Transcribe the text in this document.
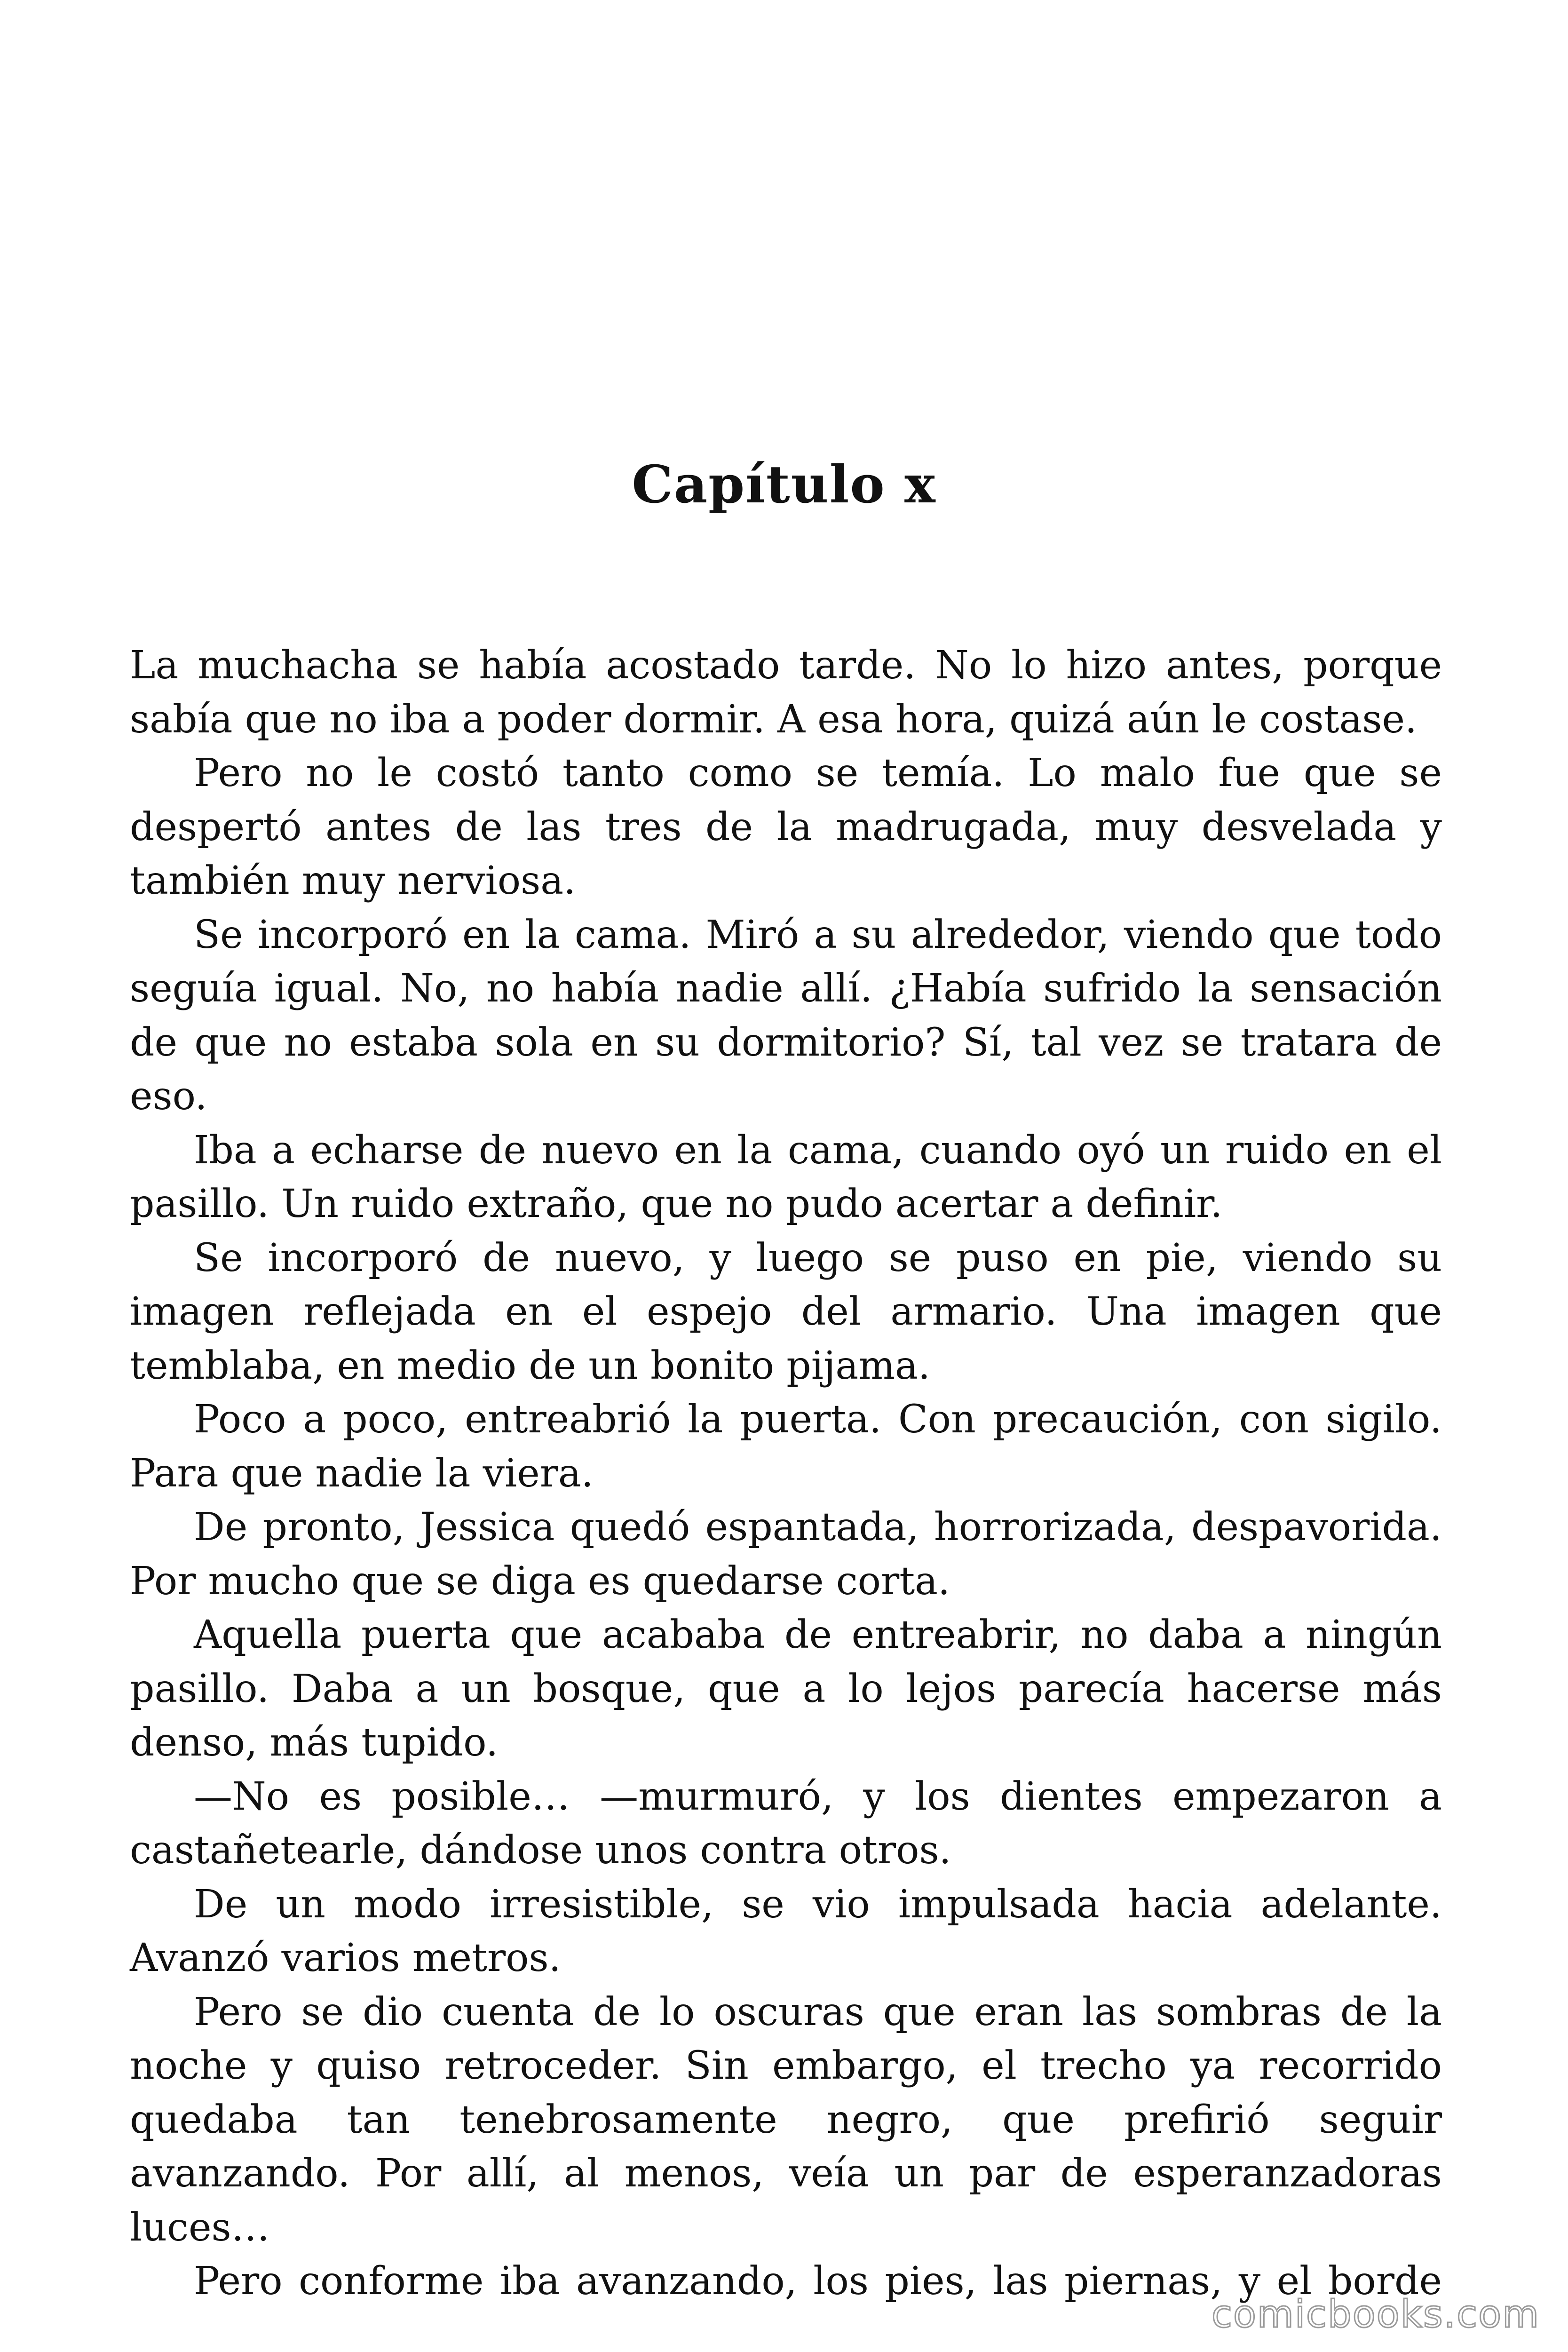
Capítulo x

La muchacha se había acostado tarde. No lo hizo antes, porque sabía que no iba a poder dormir. A esa hora, quizá aún le costase.

Pero no le costó tanto como se temía. Lo malo fue que se despertó antes de las tres de la madrugada, muy desvelada y también muy nerviosa.

Se incorporó en la cama. Miró a su alrededor, viendo que todo seguía igual. No, no había nadie allí. ¿Había sufrido la sensación de que no estaba sola en su dormitorio? Sí, tal vez se tratara de eso.

Iba a echarse de nuevo en la cama, cuando oyó un ruido en el pasillo. Un ruido extraño, que no pudo acertar a definir.

Se incorporó de nuevo, y luego se puso en pie, viendo su imagen reflejada en el espejo del armario. Una imagen que temblaba, en medio de un bonito pijama.

Poco a poco, entreabrió la puerta. Con precaución, con sigilo. Para que nadie la viera.

De pronto, Jessica quedó espantada, horrorizada, despavorida. Por mucho que se diga es quedarse corta.

Aquella puerta que acababa de entreabrir, no daba a ningún pasillo. Daba a un bosque, que a lo lejos parecía hacerse más denso, más tupido.

—No es posible… —murmuró, y los dientes empezaron a castañetearle, dándose unos contra otros.

De un modo irresistible, se vio impulsada hacia adelante. Avanzó varios metros.

Pero se dio cuenta de lo oscuras que eran las sombras de la noche y quiso retroceder. Sin embargo, el trecho ya recorrido quedaba tan tenebrosamente negro, que prefirió seguir avanzando. Por allí, al menos, veía un par de esperanzadoras luces…

Pero conforme iba avanzando, los pies, las piernas, y el borde

comicbooks.com
